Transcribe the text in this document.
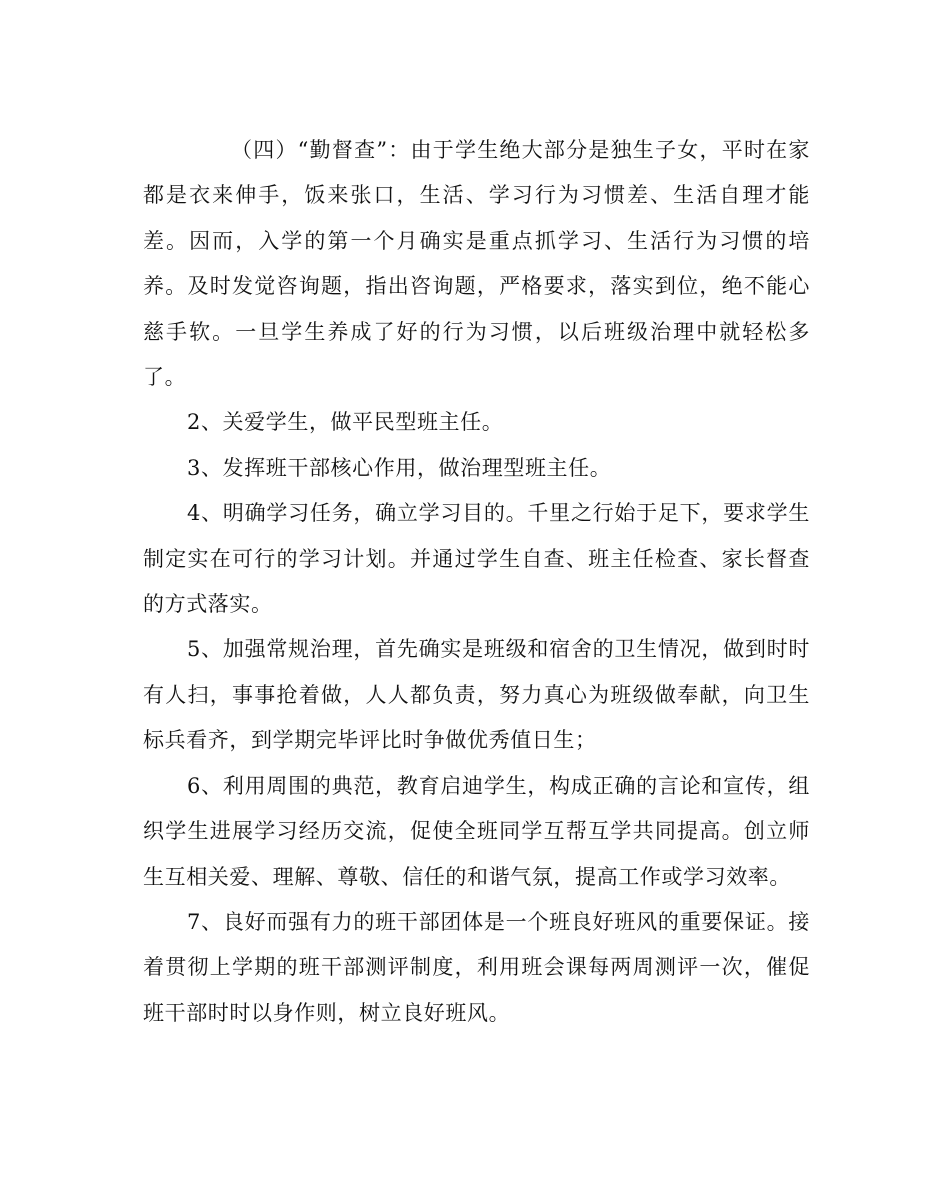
（四）“勤督查”：由于学生绝大部分是独生子女，平时在家都是衣来伸手，饭来张口，生活、学习行为习惯差、生活自理才能差。因而，入学的第一个月确实是重点抓学习、生活行为习惯的培养。及时发觉咨询题，指出咨询题，严格要求，落实到位，绝不能心慈手软。一旦学生养成了好的行为习惯，以后班级治理中就轻松多了。

2、关爱学生，做平民型班主任。

3、发挥班干部核心作用，做治理型班主任。

4、明确学习任务，确立学习目的。千里之行始于足下，要求学生制定实在可行的学习计划。并通过学生自查、班主任检查、家长督查的方式落实。

5、加强常规治理，首先确实是班级和宿舍的卫生情况，做到时时有人扫，事事抢着做，人人都负责，努力真心为班级做奉献，向卫生标兵看齐，到学期完毕评比时争做优秀值日生；

6、利用周围的典范，教育启迪学生，构成正确的言论和宣传，组织学生进展学习经历交流，促使全班同学互帮互学共同提高。创立师生互相关爱、理解、尊敬、信任的和谐气氛，提高工作或学习效率。

7、良好而强有力的班干部团体是一个班良好班风的重要保证。接着贯彻上学期的班干部测评制度，利用班会课每两周测评一次，催促班干部时时以身作则，树立良好班风。
